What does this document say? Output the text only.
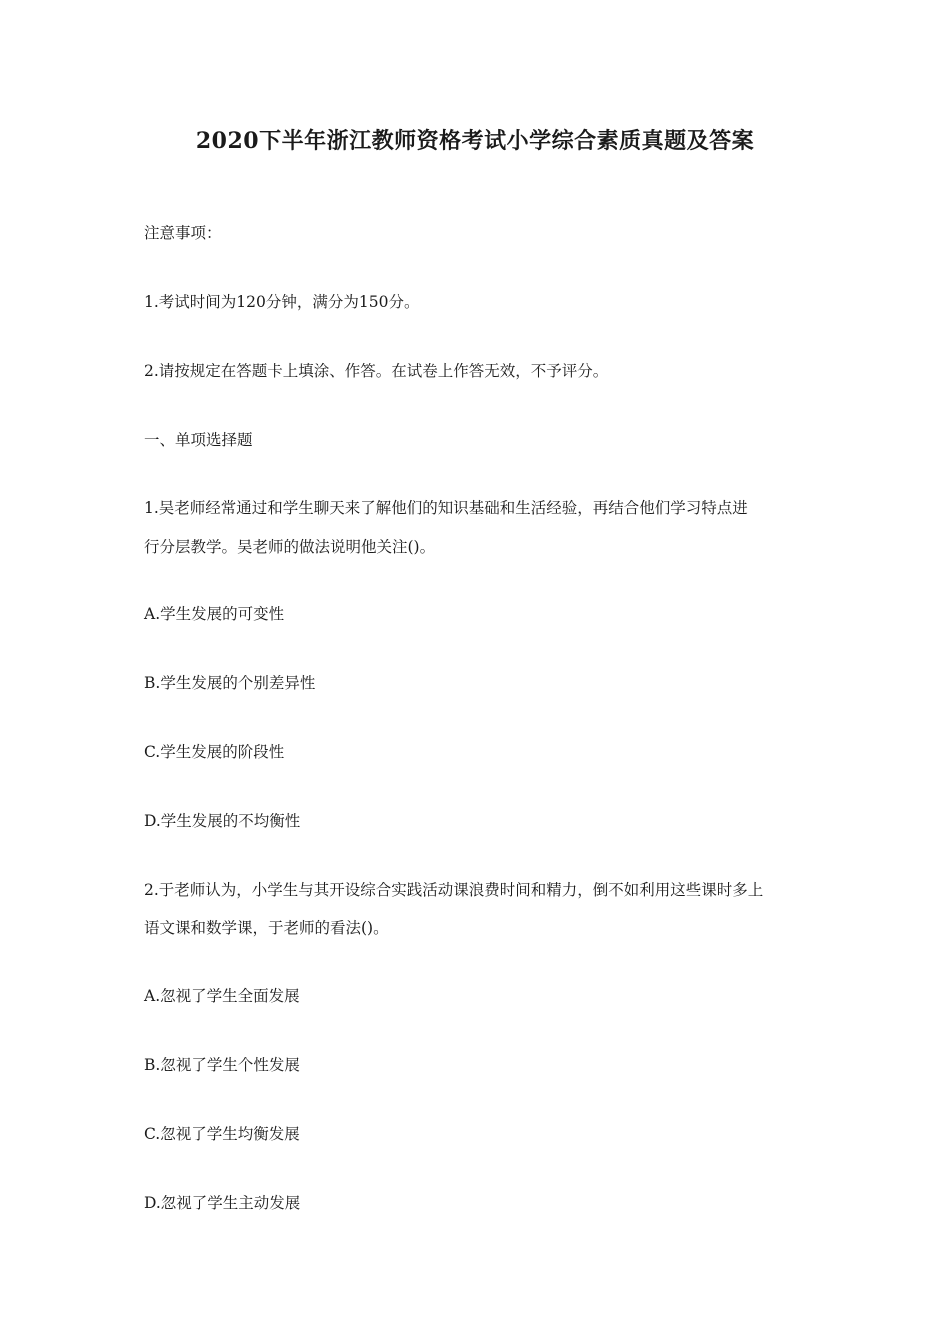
2020下半年浙江教师资格考试小学综合素质真题及答案
注意事项：
1.考试时间为120分钟，满分为150分。
2.请按规定在答题卡上填涂、作答。在试卷上作答无效，不予评分。
一、单项选择题
1.吴老师经常通过和学生聊天来了解他们的知识基础和生活经验，再结合他们学习特点进
行分层教学。吴老师的做法说明他关注()。
A.学生发展的可变性
B.学生发展的个别差异性
C.学生发展的阶段性
D.学生发展的不均衡性
2.于老师认为，小学生与其开设综合实践活动课浪费时间和精力，倒不如利用这些课时多上
语文课和数学课，于老师的看法()。
A.忽视了学生全面发展
B.忽视了学生个性发展
C.忽视了学生均衡发展
D.忽视了学生主动发展
